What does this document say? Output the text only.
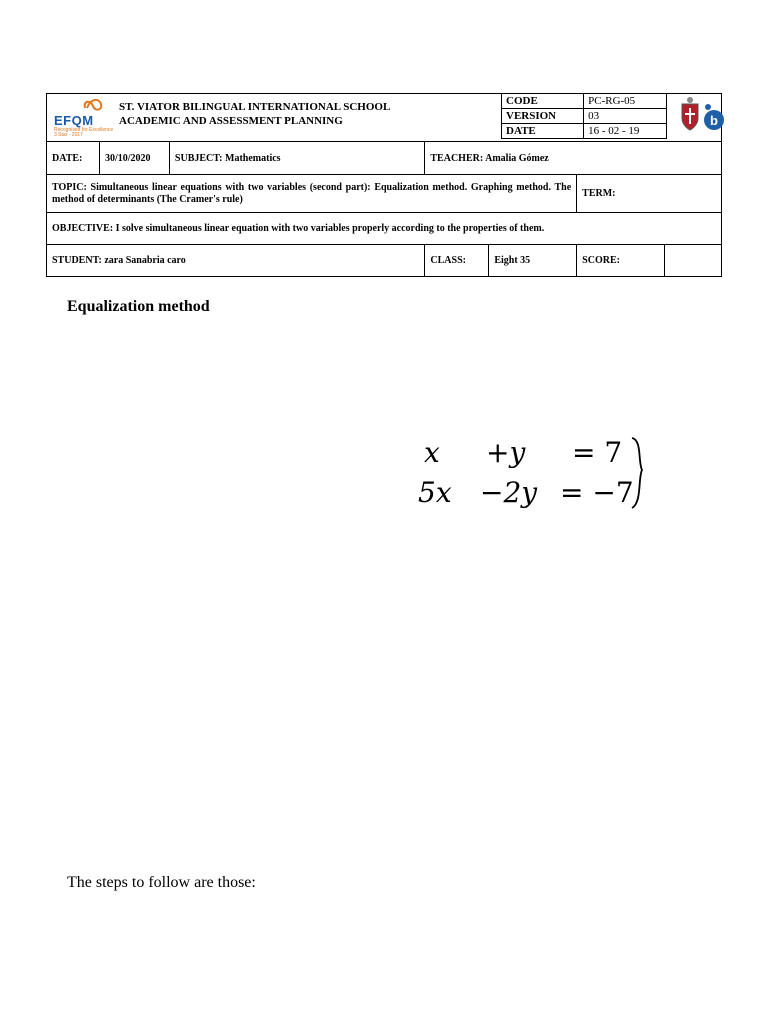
EFQM
Recognised for Excellence 3 Star - 2017
ST. VIATOR BILINGUAL INTERNATIONAL SCHOOL
ACADEMIC AND ASSESSMENT PLANNING
CODE	PC-RG-05
VERSION	03
DATE	16 - 02 - 19
b
DATE:	30/10/2020	SUBJECT: Mathematics	TEACHER: Amalia Gómez			
TOPIC: Simultaneous linear equations with two variables (second part): Equalization method. Graphing method. The method of determinants (The Cramer's rule)					TERM:	
OBJECTIVE: I solve simultaneous linear equation with two variables properly according to the properties of them.						
STUDENT: zara Sanabria caro			CLASS:	Eight 35	SCORE:	
Equalization method
x +y = 7
5x −2y = −7
The steps to follow are those:
